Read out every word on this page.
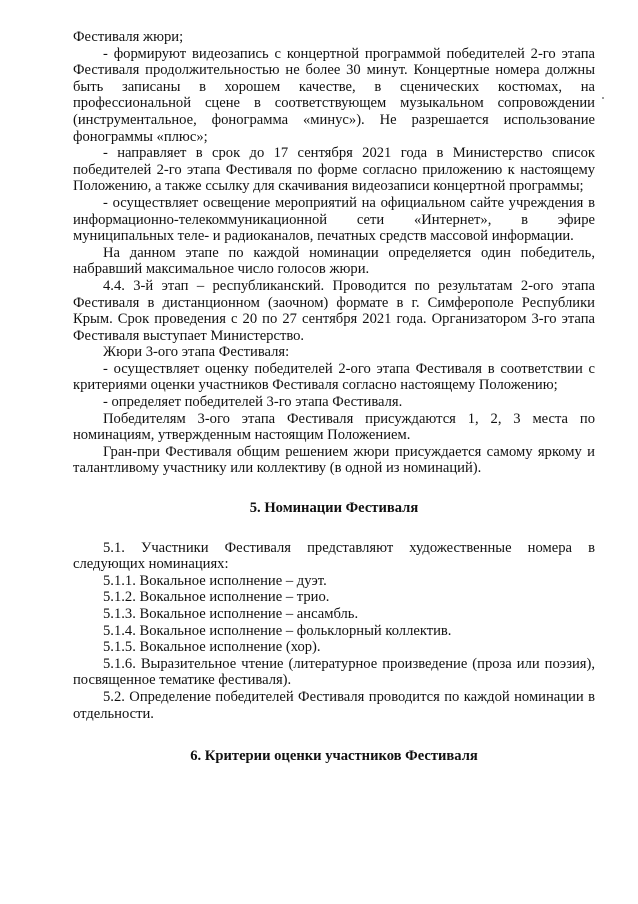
Фестиваля жюри;

- формируют видеозапись с концертной программой победителей 2-го этапа Фестиваля продолжительностью не более 30 минут. Концертные номера должны быть записаны в хорошем качестве, в сценических костюмах, на профессиональной сцене в соответствующем музыкальном сопровождении (инструментальное, фонограмма «минус»). Не разрешается использование фонограммы «плюс»;

- направляет в срок до 17 сентября 2021 года в Министерство список победителей 2-го этапа Фестиваля по форме согласно приложению к настоящему Положению, а также ссылку для скачивания видеозаписи концертной программы;

- осуществляет освещение мероприятий на официальном сайте учреждения в информационно-телекоммуникационной сети «Интернет», в эфире муниципальных теле- и радиоканалов, печатных средств массовой информации.

На данном этапе по каждой номинации определяется один победитель, набравший максимальное число голосов жюри.

4.4. 3-й этап – республиканский. Проводится по результатам 2-ого этапа Фестиваля в дистанционном (заочном) формате в г. Симферополе Республики Крым. Срок проведения с 20 по 27 сентября 2021 года. Организатором 3-го этапа Фестиваля выступает Министерство.

Жюри 3-ого этапа Фестиваля:

- осуществляет оценку победителей 2-ого этапа Фестиваля в соответствии с критериями оценки участников Фестиваля согласно настоящему Положению;

- определяет победителей 3-го этапа Фестиваля.

Победителям 3-ого этапа Фестиваля присуждаются 1, 2, 3 места по номинациям, утвержденным настоящим Положением.

Гран-при Фестиваля общим решением жюри присуждается самому яркому и талантливому участнику или коллективу (в одной из номинаций).

5. Номинации Фестиваля

5.1. Участники Фестиваля представляют художественные номера в следующих номинациях:

5.1.1. Вокальное исполнение – дуэт.

5.1.2. Вокальное исполнение – трио.

5.1.3. Вокальное исполнение – ансамбль.

5.1.4. Вокальное исполнение – фольклорный коллектив.

5.1.5. Вокальное исполнение (хор).

5.1.6. Выразительное чтение (литературное произведение (проза или поэзия), посвященное тематике фестиваля).

5.2. Определение победителей Фестиваля проводится по каждой номинации в отдельности.

6. Критерии оценки участников Фестиваля
